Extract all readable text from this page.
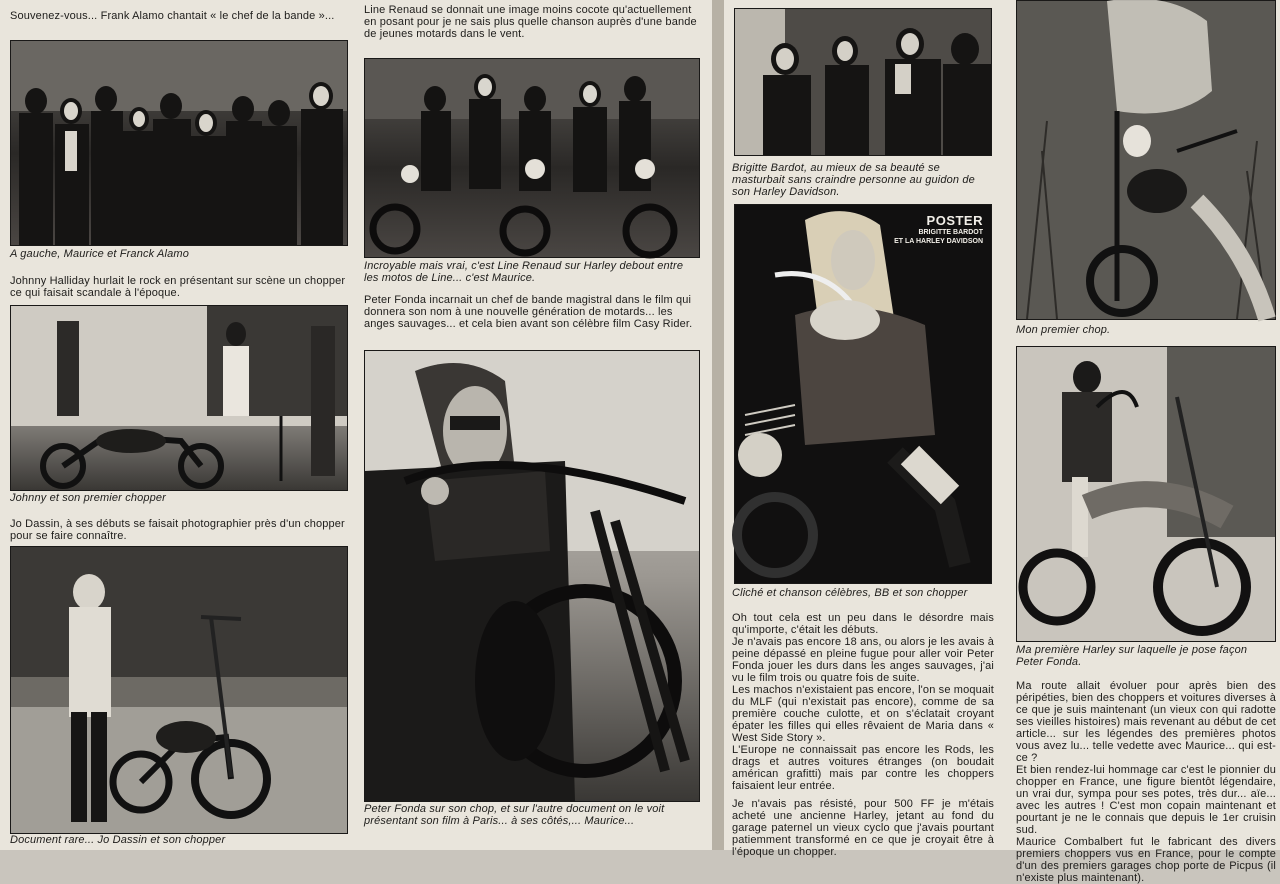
Souvenez-vous... Frank Alamo chantait « le chef de la bande »...
A gauche, Maurice et Franck Alamo
Johnny Halliday hurlait le rock en présentant sur scène un chopper ce qui faisait scandale à l'époque.
Johnny et son premier chopper
Jo Dassin, à ses débuts se faisait photographier près d'un chopper pour se faire connaître.
Document rare... Jo Dassin et son chopper
Line Renaud se donnait une image moins cocote qu'actuellement en posant pour je ne sais plus quelle chanson auprès d'une bande de jeunes motards dans le vent.
Incroyable mais vrai, c'est Line Renaud sur Harley debout entre les motos de Line... c'est Maurice.
Peter Fonda incarnait un chef de bande magistral dans le film qui donnera son nom à une nouvelle génération de motards... les anges sauvages... et cela bien avant son célèbre film Casy Rider.
Peter Fonda sur son chop, et sur l'autre document on le voit présentant son film à Paris... à ses côtés,... Maurice...
Brigitte Bardot, au mieux de sa beauté se masturbait sans craindre personne au guidon de son Harley Davidson.
POSTER
BRIGITTE BARDOT
ET LA HARLEY DAVIDSON
Cliché et chanson célèbres, BB et son chopper
Oh tout cela est un peu dans le désordre mais qu'importe, c'était les débuts.
Je n'avais pas encore 18 ans, ou alors je les avais à peine dépassé en pleine fugue pour aller voir Peter Fonda jouer les durs dans les anges sauvages, j'ai vu le film trois ou quatre fois de suite.
Les machos n'existaient pas encore, l'on se moquait du MLF (qui n'existait pas encore), comme de sa première couche culotte, et on s'éclatait croyant épater les filles qui elles rêvaient de Maria dans « West Side Story ».
L'Europe ne connaissait pas encore les Rods, les drags et autres voitures étranges (on boudait américan grafitti) mais par contre les choppers faisaient leur entrée.
Je n'avais pas résisté, pour 500 FF je m'étais acheté une ancienne Harley, jetant au fond du garage paternel un vieux cyclo que j'avais pourtant patiemment transformé en ce que je croyait être à l'époque un chopper.
Mon premier chop.
Ma première Harley sur laquelle je pose façon Peter Fonda.
Ma route allait évoluer pour après bien des péripéties, bien des choppers et voitures diverses à ce que je suis maintenant (un vieux con qui radotte ses vieilles histoires) mais revenant au début de cet article... sur les légendes des premières photos vous avez lu... telle vedette avec Maurice... qui est-ce ?
Et bien rendez-lui hommage car c'est le pionnier du chopper en France, une figure bientôt légendaire, un vrai dur, sympa pour ses potes, très dur... aïe... avec les autres ! C'est mon copain maintenant et pourtant je ne le connais que depuis le 1er cruisin sud.
Maurice Combalbert fut le fabricant des divers premiers choppers vus en France, pour le compte d'un des premiers garages chop porte de Picpus (il n'existe plus maintenant).
